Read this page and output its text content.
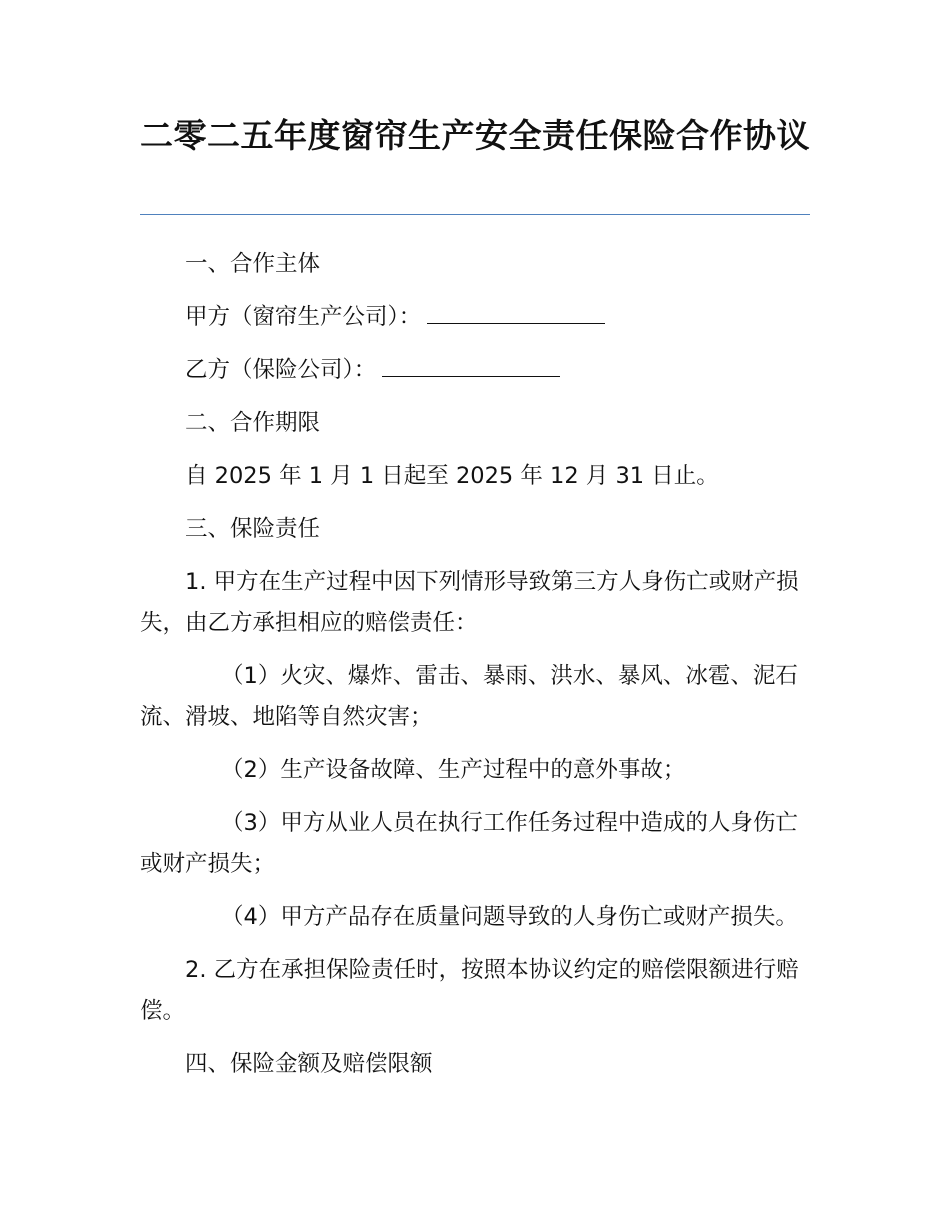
二零二五年度窗帘生产安全责任保险合作协议

一、合作主体

甲方（窗帘生产公司）：

乙方（保险公司）：

二、合作期限

自 2025 年 1 月 1 日起至 2025 年 12 月 31 日止。

三、保险责任

1. 甲方在生产过程中因下列情形导致第三方人身伤亡或财产损失，由乙方承担相应的赔偿责任：

（1）火灾、爆炸、雷击、暴雨、洪水、暴风、冰雹、泥石流、滑坡、地陷等自然灾害；

（2）生产设备故障、生产过程中的意外事故；

（3）甲方从业人员在执行工作任务过程中造成的人身伤亡或财产损失；

（4）甲方产品存在质量问题导致的人身伤亡或财产损失。

2. 乙方在承担保险责任时，按照本协议约定的赔偿限额进行赔偿。

四、保险金额及赔偿限额
